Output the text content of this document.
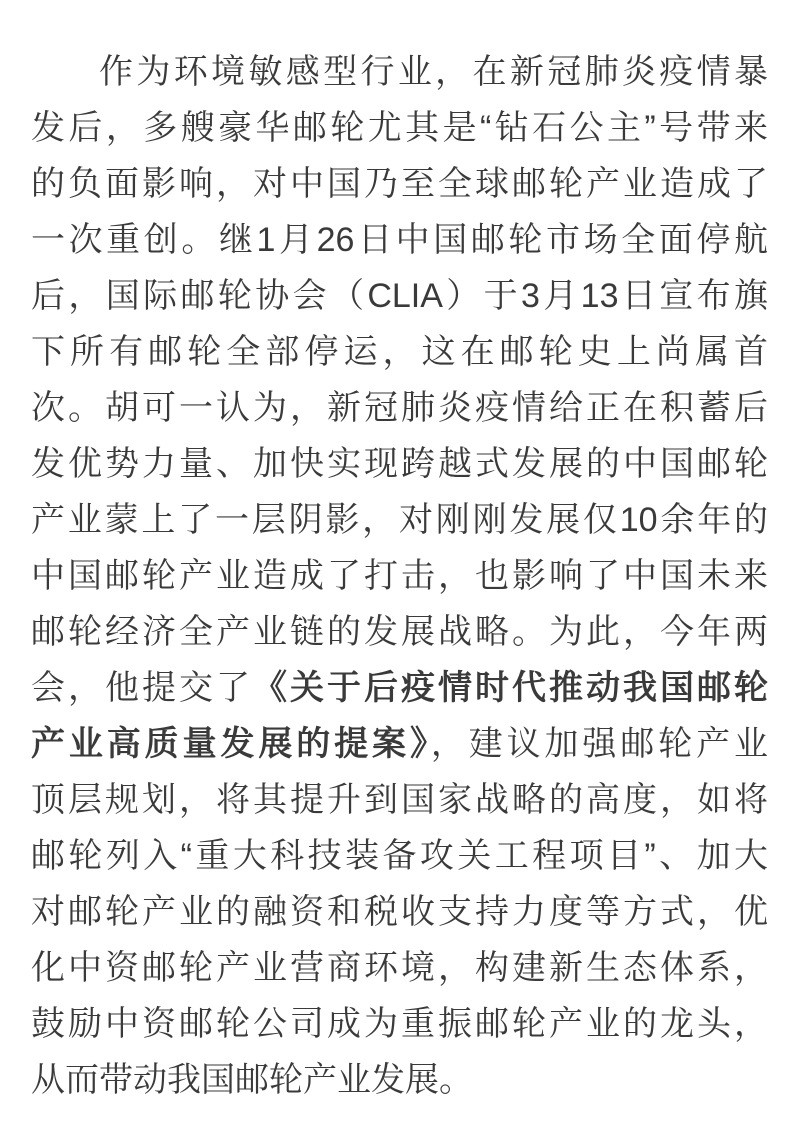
作为环境敏感型行业，在新冠肺炎疫情暴
发后，多艘豪华邮轮尤其是“钻石公主”号带来
的负面影响，对中国乃至全球邮轮产业造成了
一次重创。继1月26日中国邮轮市场全面停航
后，国际邮轮协会（CLIA）于3月13日宣布旗
下所有邮轮全部停运，这在邮轮史上尚属首
次。胡可一认为，新冠肺炎疫情给正在积蓄后
发优势力量、加快实现跨越式发展的中国邮轮
产业蒙上了一层阴影，对刚刚发展仅10余年的
中国邮轮产业造成了打击，也影响了中国未来
邮轮经济全产业链的发展战略。为此，今年两
会，他提交了《关于后疫情时代推动我国邮轮
产业高质量发展的提案》，建议加强邮轮产业
顶层规划，将其提升到国家战略的高度，如将
邮轮列入“重大科技装备攻关工程项目”、加大
对邮轮产业的融资和税收支持力度等方式，优
化中资邮轮产业营商环境，构建新生态体系，
鼓励中资邮轮公司成为重振邮轮产业的龙头，
从而带动我国邮轮产业发展。
